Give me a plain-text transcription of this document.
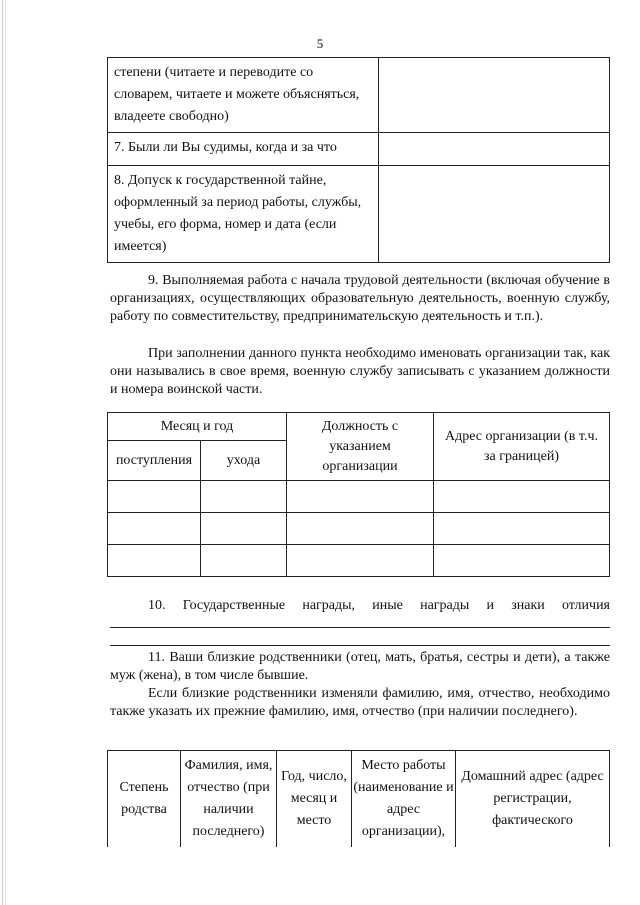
5
степени (читаете и переводите со словарем, читаете и можете объясняться, владеете свободно)	
7. Были ли Вы судимы, когда и за что	
8. Допуск к государственной тайне, оформленный за период работы, службы, учебы, его форма, номер и дата (если имеется)	
9. Выполняемая работа с начала трудовой деятельности (включая обучение в организациях, осуществляющих образовательную деятельность, военную службу, работу по совместительству, предпринимательскую деятельность и т.п.).
При заполнении данного пункта необходимо именовать организации так, как они назывались в свое время, военную службу записывать с указанием должности и номера воинской части.
Месяц и год		Должность с указанием организации	Адрес организации (в т.ч. за границей)
поступления	ухода		

10. Государственные награды, иные награды и знаки отличия
11. Ваши близкие родственники (отец, мать, братья, сестры и дети), а также муж (жена), в том числе бывшие.
Если близкие родственники изменяли фамилию, имя, отчество, необходимо также указать их прежние фамилию, имя, отчество (при наличии последнего).
Степень родства	Фамилия, имя, отчество (при наличии последнего)	Год, число, месяц и место	Место работы (наименование и адрес организации),	Домашний адрес (адрес регистрации, фактического
